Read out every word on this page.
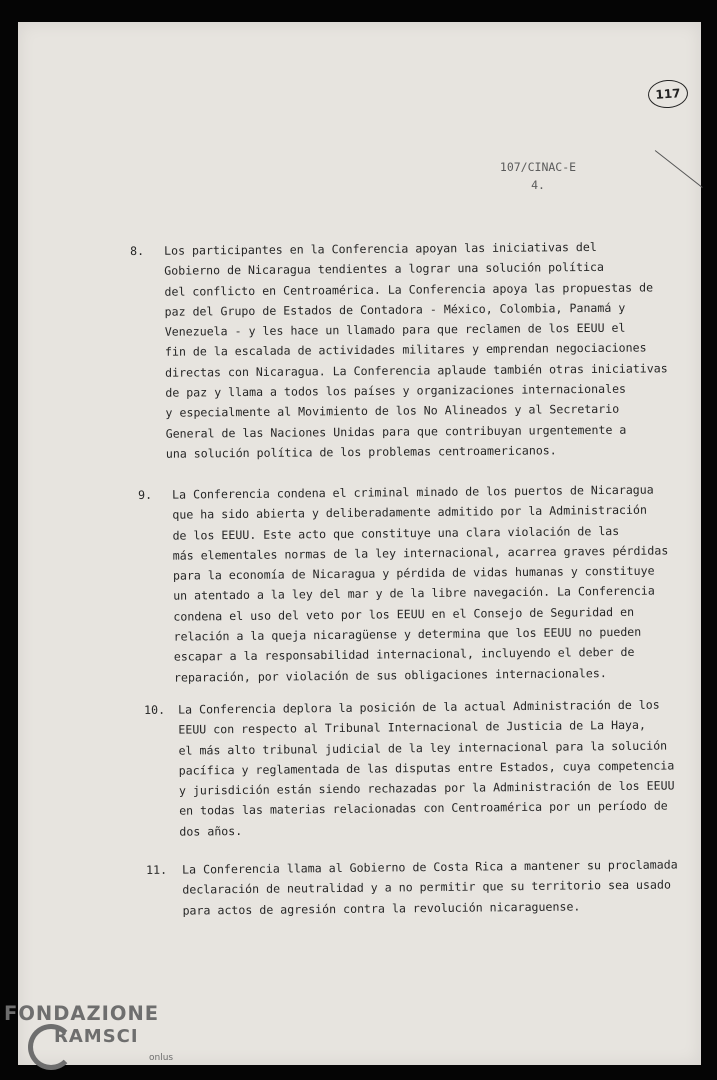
117
107/CINAC-E
4.
8.	Los participantes en la Conferencia apoyan las iniciativas del
Gobierno de Nicaragua tendientes a lograr una solución política
del conflicto en Centroamérica. La Conferencia apoya las propuestas de
paz del Grupo de Estados de Contadora - México, Colombia, Panamá y
Venezuela - y les hace un llamado para que reclamen de los EEUU el
fin de la escalada de actividades militares y emprendan negociaciones
directas con Nicaragua. La Conferencia aplaude también otras iniciativas
de paz y llama a todos los países y organizaciones internacionales
y especialmente al Movimiento de los No Alineados y al Secretario
General de las Naciones Unidas para que contribuyan urgentemente a
una solución política de los problemas centroamericanos.
9.	La Conferencia condena el criminal minado de los puertos de Nicaragua
que ha sido abierta y deliberadamente admitido por la Administración
de los EEUU. Este acto que constituye una clara violación de las
más elementales normas de la ley internacional, acarrea graves pérdidas
para la economía de Nicaragua y pérdida de vidas humanas y constituye
un atentado a la ley del mar y de la libre navegación. La Conferencia
condena el uso del veto por los EEUU en el Consejo de Seguridad en
relación a la queja nicaragüense y determina que los EEUU no pueden
escapar a la responsabilidad internacional, incluyendo el deber de
reparación, por violación de sus obligaciones internacionales.
10.	La Conferencia deplora la posición de la actual Administración de los
EEUU con respecto al Tribunal Internacional de Justicia de La Haya,
el más alto tribunal judicial de la ley internacional para la solución
pacífica y reglamentada de las disputas entre Estados, cuya competencia
y jurisdición están siendo rechazadas por la Administración de los EEUU
en todas las materias relacionadas con Centroamérica por un período de
dos años.
11.	La Conferencia llama al Gobierno de Costa Rica a mantener su proclamada
declaración de neutralidad y a no permitir que su territorio sea usado
para actos de agresión contra la revolución nicaraguense.
FONDAZIONE
RAMSCI
onlus
